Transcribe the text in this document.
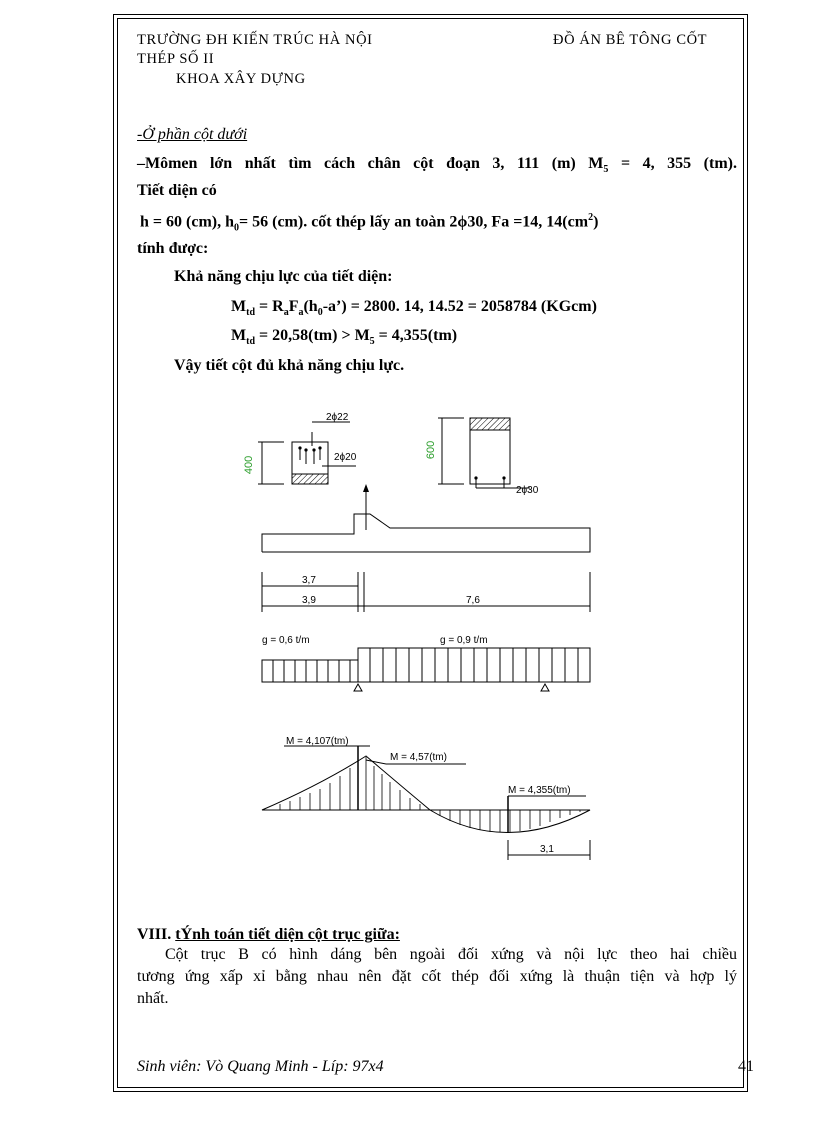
TRƯỜNG ĐH KIẾN TRÚC HÀ NỘI	ĐỒ ÁN BÊ TÔNG CỐT
THÉP SỐ II
KHOA XÂY DỰNG
-Ở phần cột dưới
–Mômen lớn nhất tìm cách chân cột đoạn 3, 111 (m) $M_5 = 4$, 355 (tm).
Tiết diện có
h = 60 (cm), $h_0= 56$ (cm). cốt thép lấy an toàn 2ϕ30, Fa =14, $14(cm^2)$
tính được:
Khả năng chịu lực của tiết diện:
$M_{td}$ = $R_aF_a(h_0-a’) = 2800$. 14, 14.52 = 2058784 (KGcm)
$M_{td} = 20,58(tm) > M_5 = 4,355(tm)$
Vậy tiết cột đủ khả năng chịu lực.
400
2ϕ22
2ϕ20	600
2ϕ30
3,7
3,9	7,6
g = 0,6 t/m	g = 0,9 t/m
M = 4,107(tm)
M = 4,57(tm)
M = 4,355(tm)
3,1
VIII. tÝnh toán tiết diện cột trục giữa:
Cột trục B có hình dáng bên ngoài đối xứng và nội lực theo hai chiều
tương ứng xấp xỉ bằng nhau nên đặt cốt thép đối xứng là thuận tiện và hợp lý
nhất.
Sinh viên: Vò Quang Minh - Líp: 97x4	41
